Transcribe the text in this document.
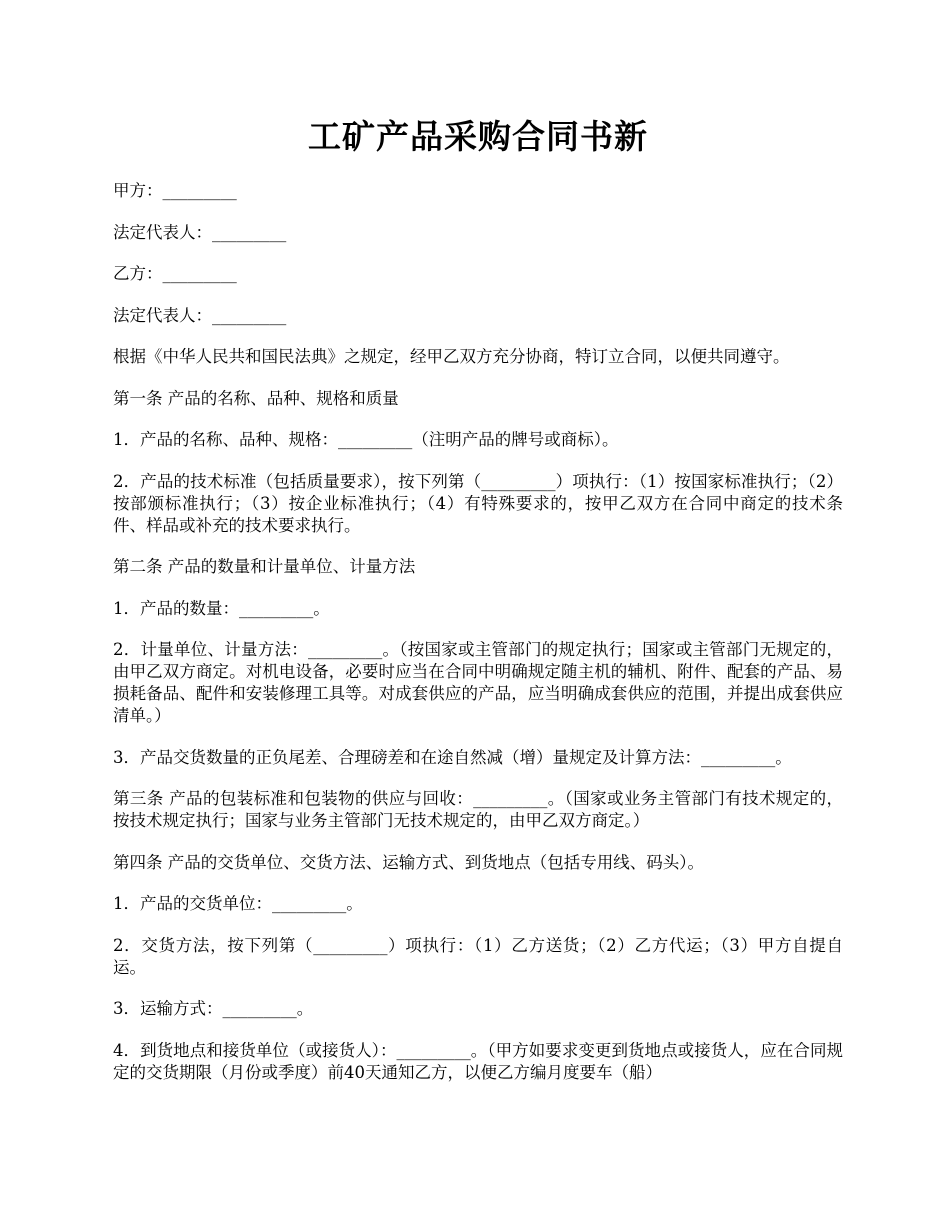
工矿产品采购合同书新

甲方：_________

法定代表人：_________

乙方：_________

法定代表人：_________

根据《中华人民共和国民法典》之规定，经甲乙双方充分协商，特订立合同，以便共同遵守。

第一条 产品的名称、品种、规格和质量

1．产品的名称、品种、规格：_________（注明产品的牌号或商标）。

2．产品的技术标准（包括质量要求），按下列第（_________）项执行：（1）按国家标准执行；（2）按部颁标准执行；（3）按企业标准执行；（4）有特殊要求的，按甲乙双方在合同中商定的技术条件、样品或补充的技术要求执行。

第二条 产品的数量和计量单位、计量方法

1．产品的数量：_________。

2．计量单位、计量方法：_________。（按国家或主管部门的规定执行；国家或主管部门无规定的，由甲乙双方商定。对机电设备，必要时应当在合同中明确规定随主机的辅机、附件、配套的产品、易损耗备品、配件和安装修理工具等。对成套供应的产品，应当明确成套供应的范围，并提出成套供应清单。）

3．产品交货数量的正负尾差、合理磅差和在途自然减（增）量规定及计算方法：_________。

第三条 产品的包装标准和包装物的供应与回收：_________。（国家或业务主管部门有技术规定的，按技术规定执行；国家与业务主管部门无技术规定的，由甲乙双方商定。）

第四条 产品的交货单位、交货方法、运输方式、到货地点（包括专用线、码头）。

1．产品的交货单位：_________。

2．交货方法，按下列第（_________）项执行：（1）乙方送货；（2）乙方代运；（3）甲方自提自运。

3．运输方式：_________。

4．到货地点和接货单位（或接货人）：_________。（甲方如要求变更到货地点或接货人，应在合同规定的交货期限（月份或季度）前40天通知乙方，以便乙方编月度要车（船）
